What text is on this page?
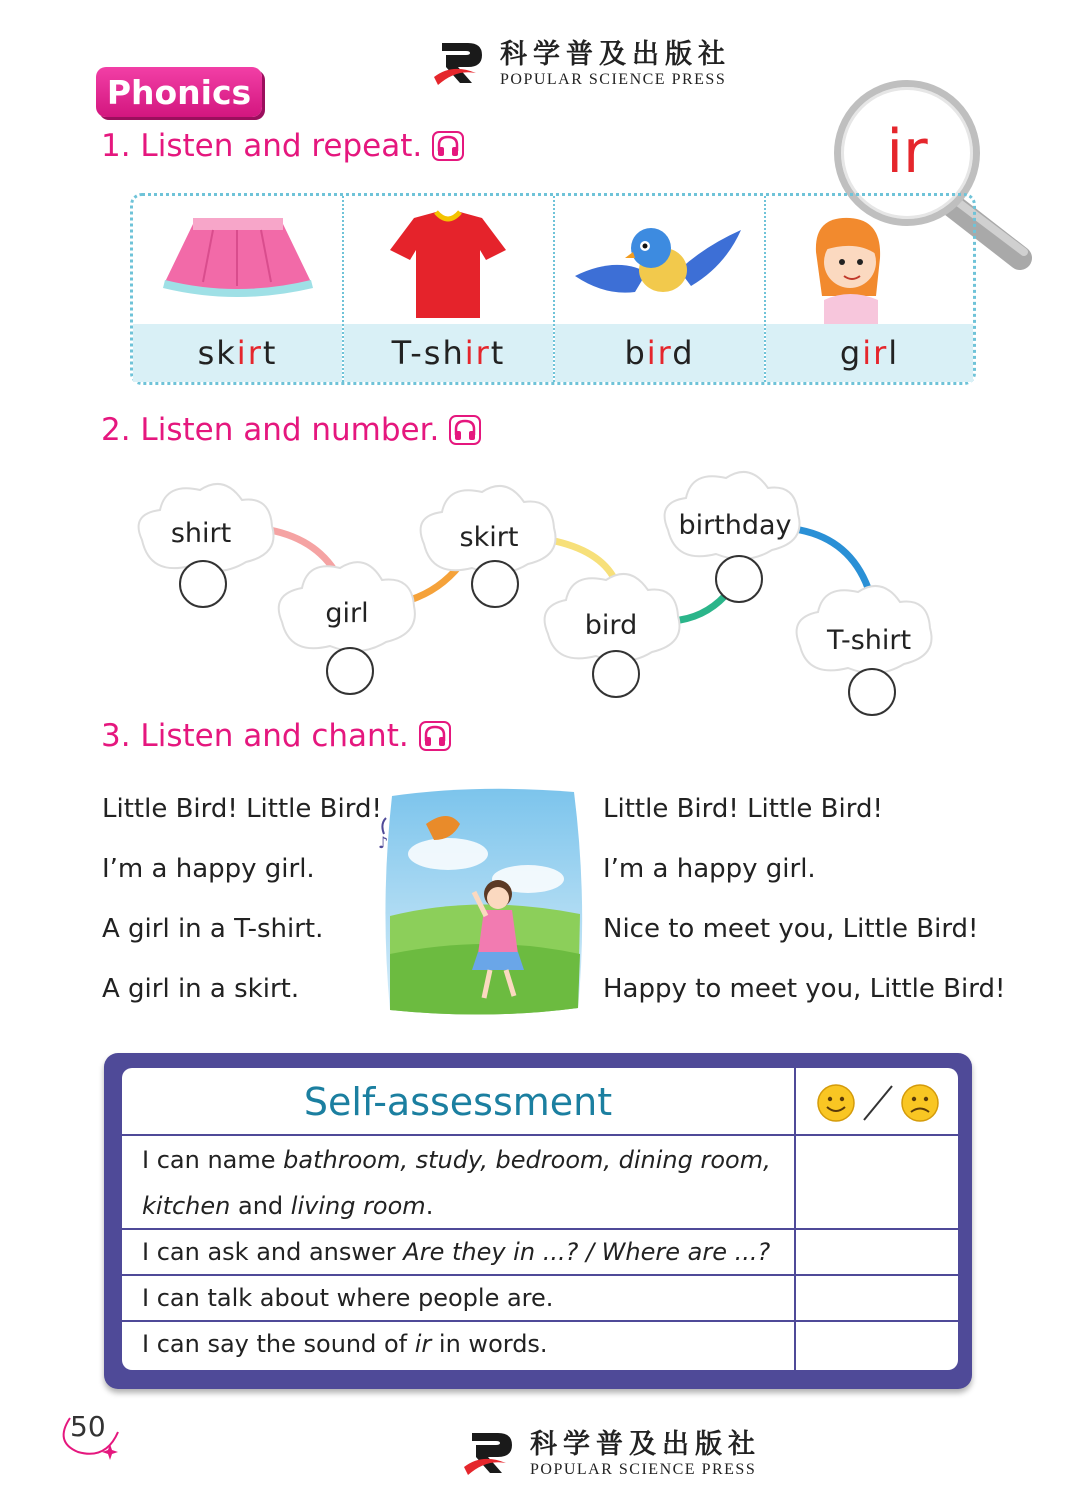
科学普及出版社
POPULAR SCIENCE PRESS
Phonics
ir
1. Listen and repeat.
skirt	T-shirt	bird	girl
2. Listen and number.
shirt
girl
skirt
bird
birthday
T-shirt
3. Listen and chant.
Little Bird! Little Bird!
I’m a happy girl.
A girl in a T-shirt.
A girl in a skirt.
♪
Little Bird! Little Bird!
I’m a happy girl.
Nice to meet you, Little Bird!
Happy to meet you, Little Bird!
Self-assessment
I can name bathroom, study, bedroom, dining room,
kitchen and living room.
I can ask and answer Are they in ...? / Where are ...?
I can talk about where people are.
I can say the sound of ir in words.
50
科学普及出版社
POPULAR SCIENCE PRESS
